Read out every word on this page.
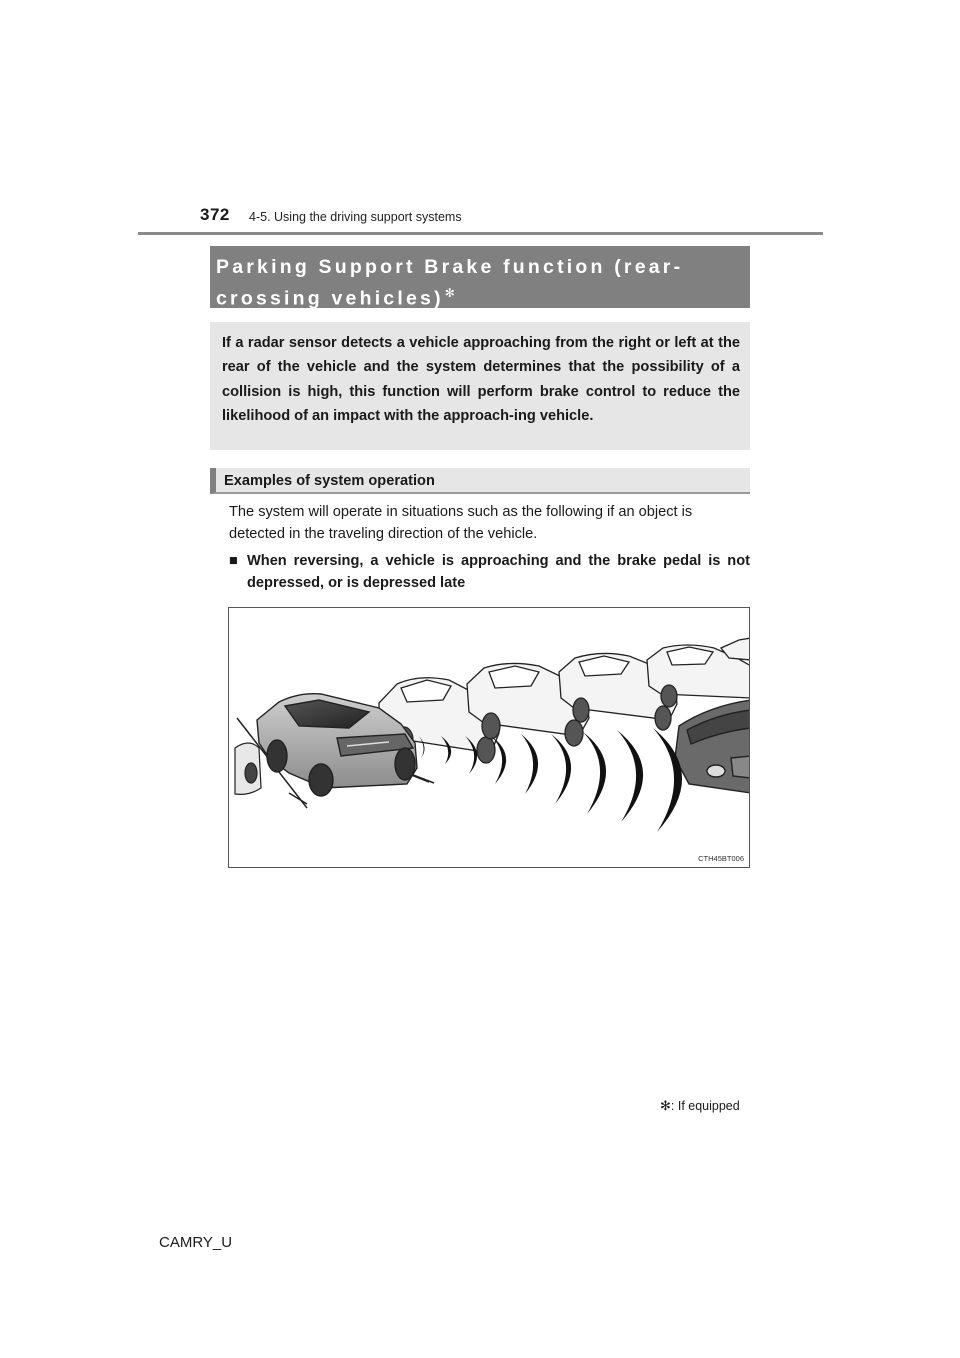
372 4-5. Using the driving support systems
Parking Support Brake function (rear-crossing vehicles)✻

If a radar sensor detects a vehicle approaching from the right or left at the rear of the vehicle and the system determines that the possibility of a collision is high, this function will perform brake control to reduce the likelihood of an impact with the approach-ing vehicle.

Examples of system operation

The system will operate in situations such as the following if an object is detected in the traveling direction of the vehicle.

■ When reversing, a vehicle is approaching and the brake pedal is not depressed, or is depressed late
CTH45BT006
✻: If equipped
CAMRY_U
